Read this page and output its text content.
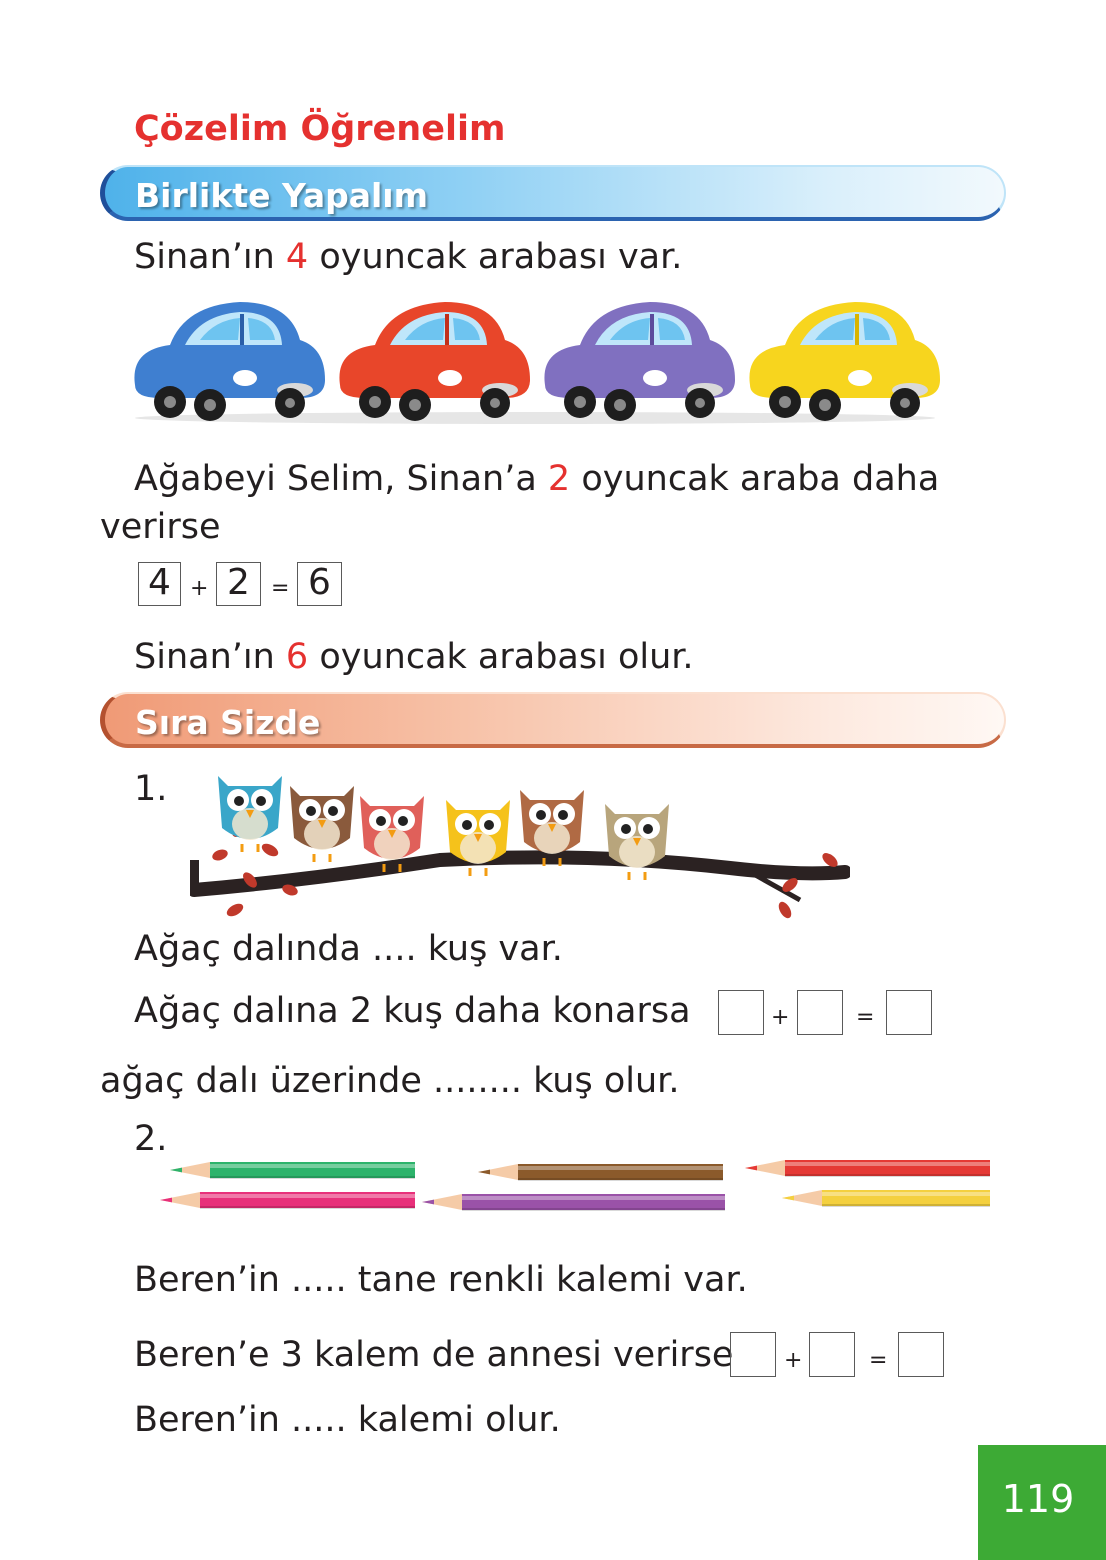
Çözelim Öğrenelim
Birlikte Yapalım
Sinan’ın 4 oyuncak arabası var.
Ağabeyi Selim, Sinan’a 2 oyuncak araba daha
verirse
4 + 2 = 6
Sinan’ın 6 oyuncak arabası olur.
Sıra Sizde
1.
Ağaç dalında .... kuş var.
Ağaç dalına 2 kuş daha konarsa	+	=
ağaç dalı üzerinde ........ kuş olur.
2.
Beren’in ..... tane renkli kalemi var.
Beren’e 3 kalem de annesi verirse +	=
Beren’in ..... kalemi olur.
119
